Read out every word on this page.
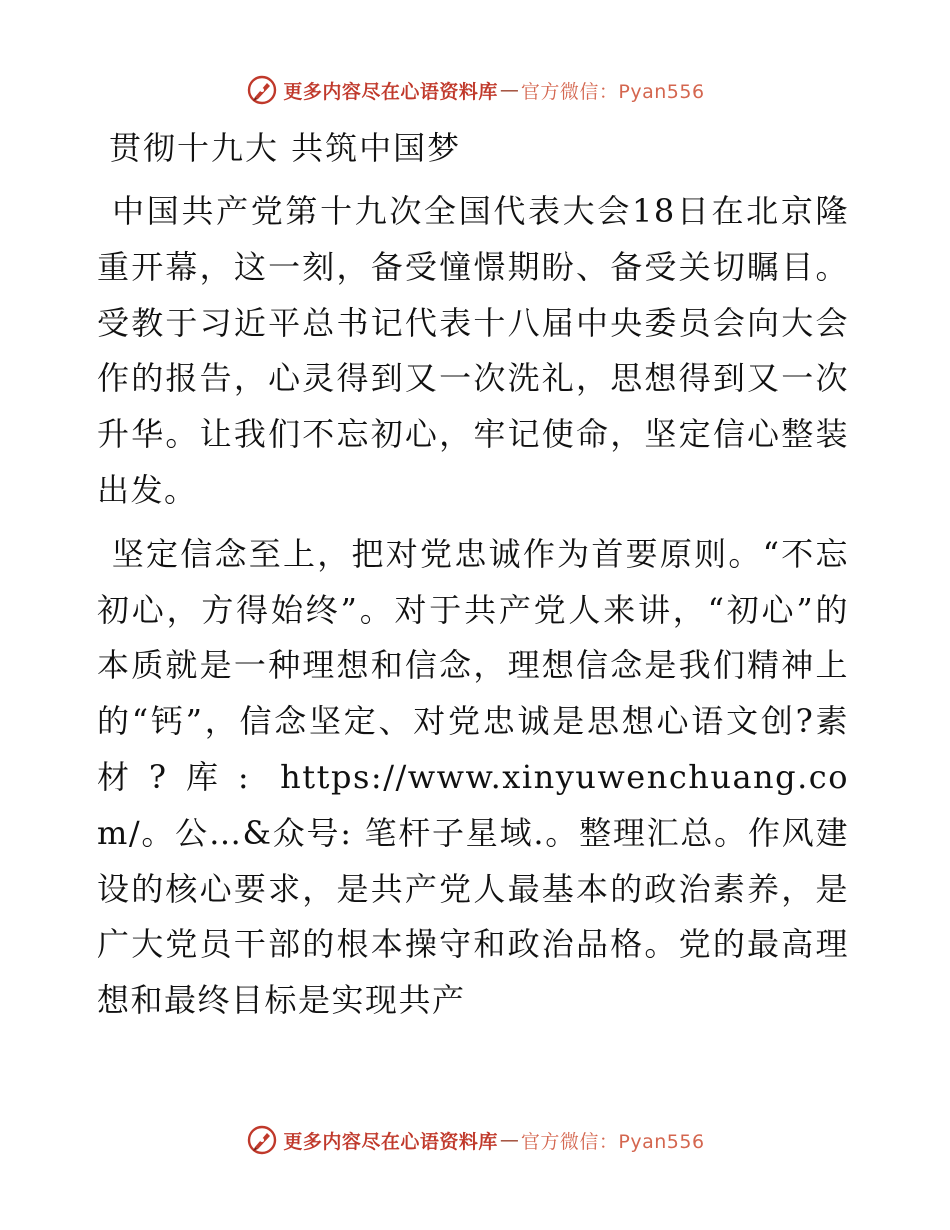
更多内容尽在心语资料库 — 官方微信：Pyan556
贯彻十九大 共筑中国梦

中国共产党第十九次全国代表大会18日在北京隆重开幕，这一刻，备受憧憬期盼、备受关切瞩目。受教于习近平总书记代表十八届中央委员会向大会作的报告，心灵得到又一次洗礼，思想得到又一次升华。让我们不忘初心，牢记使命，坚定信心整装出发。

坚定信念至上，把对党忠诚作为首要原则。“不忘初心，方得始终”。对于共产党人来讲，“初心”的本质就是一种理想和信念，理想信念是我们精神上的“钙”，信念坚定、对党忠诚是思想心语文创?素材?库: https://www.xinyuwenchuang.com/。公…&众号: 笔杆子星域.。整理汇总。作风建设的核心要求，是共产党人最基本的政治素养，是广大党员干部的根本操守和政治品格。党的最高理想和最终目标是实现共产

更多内容尽在心语资料库 — 官方微信：Pyan556
